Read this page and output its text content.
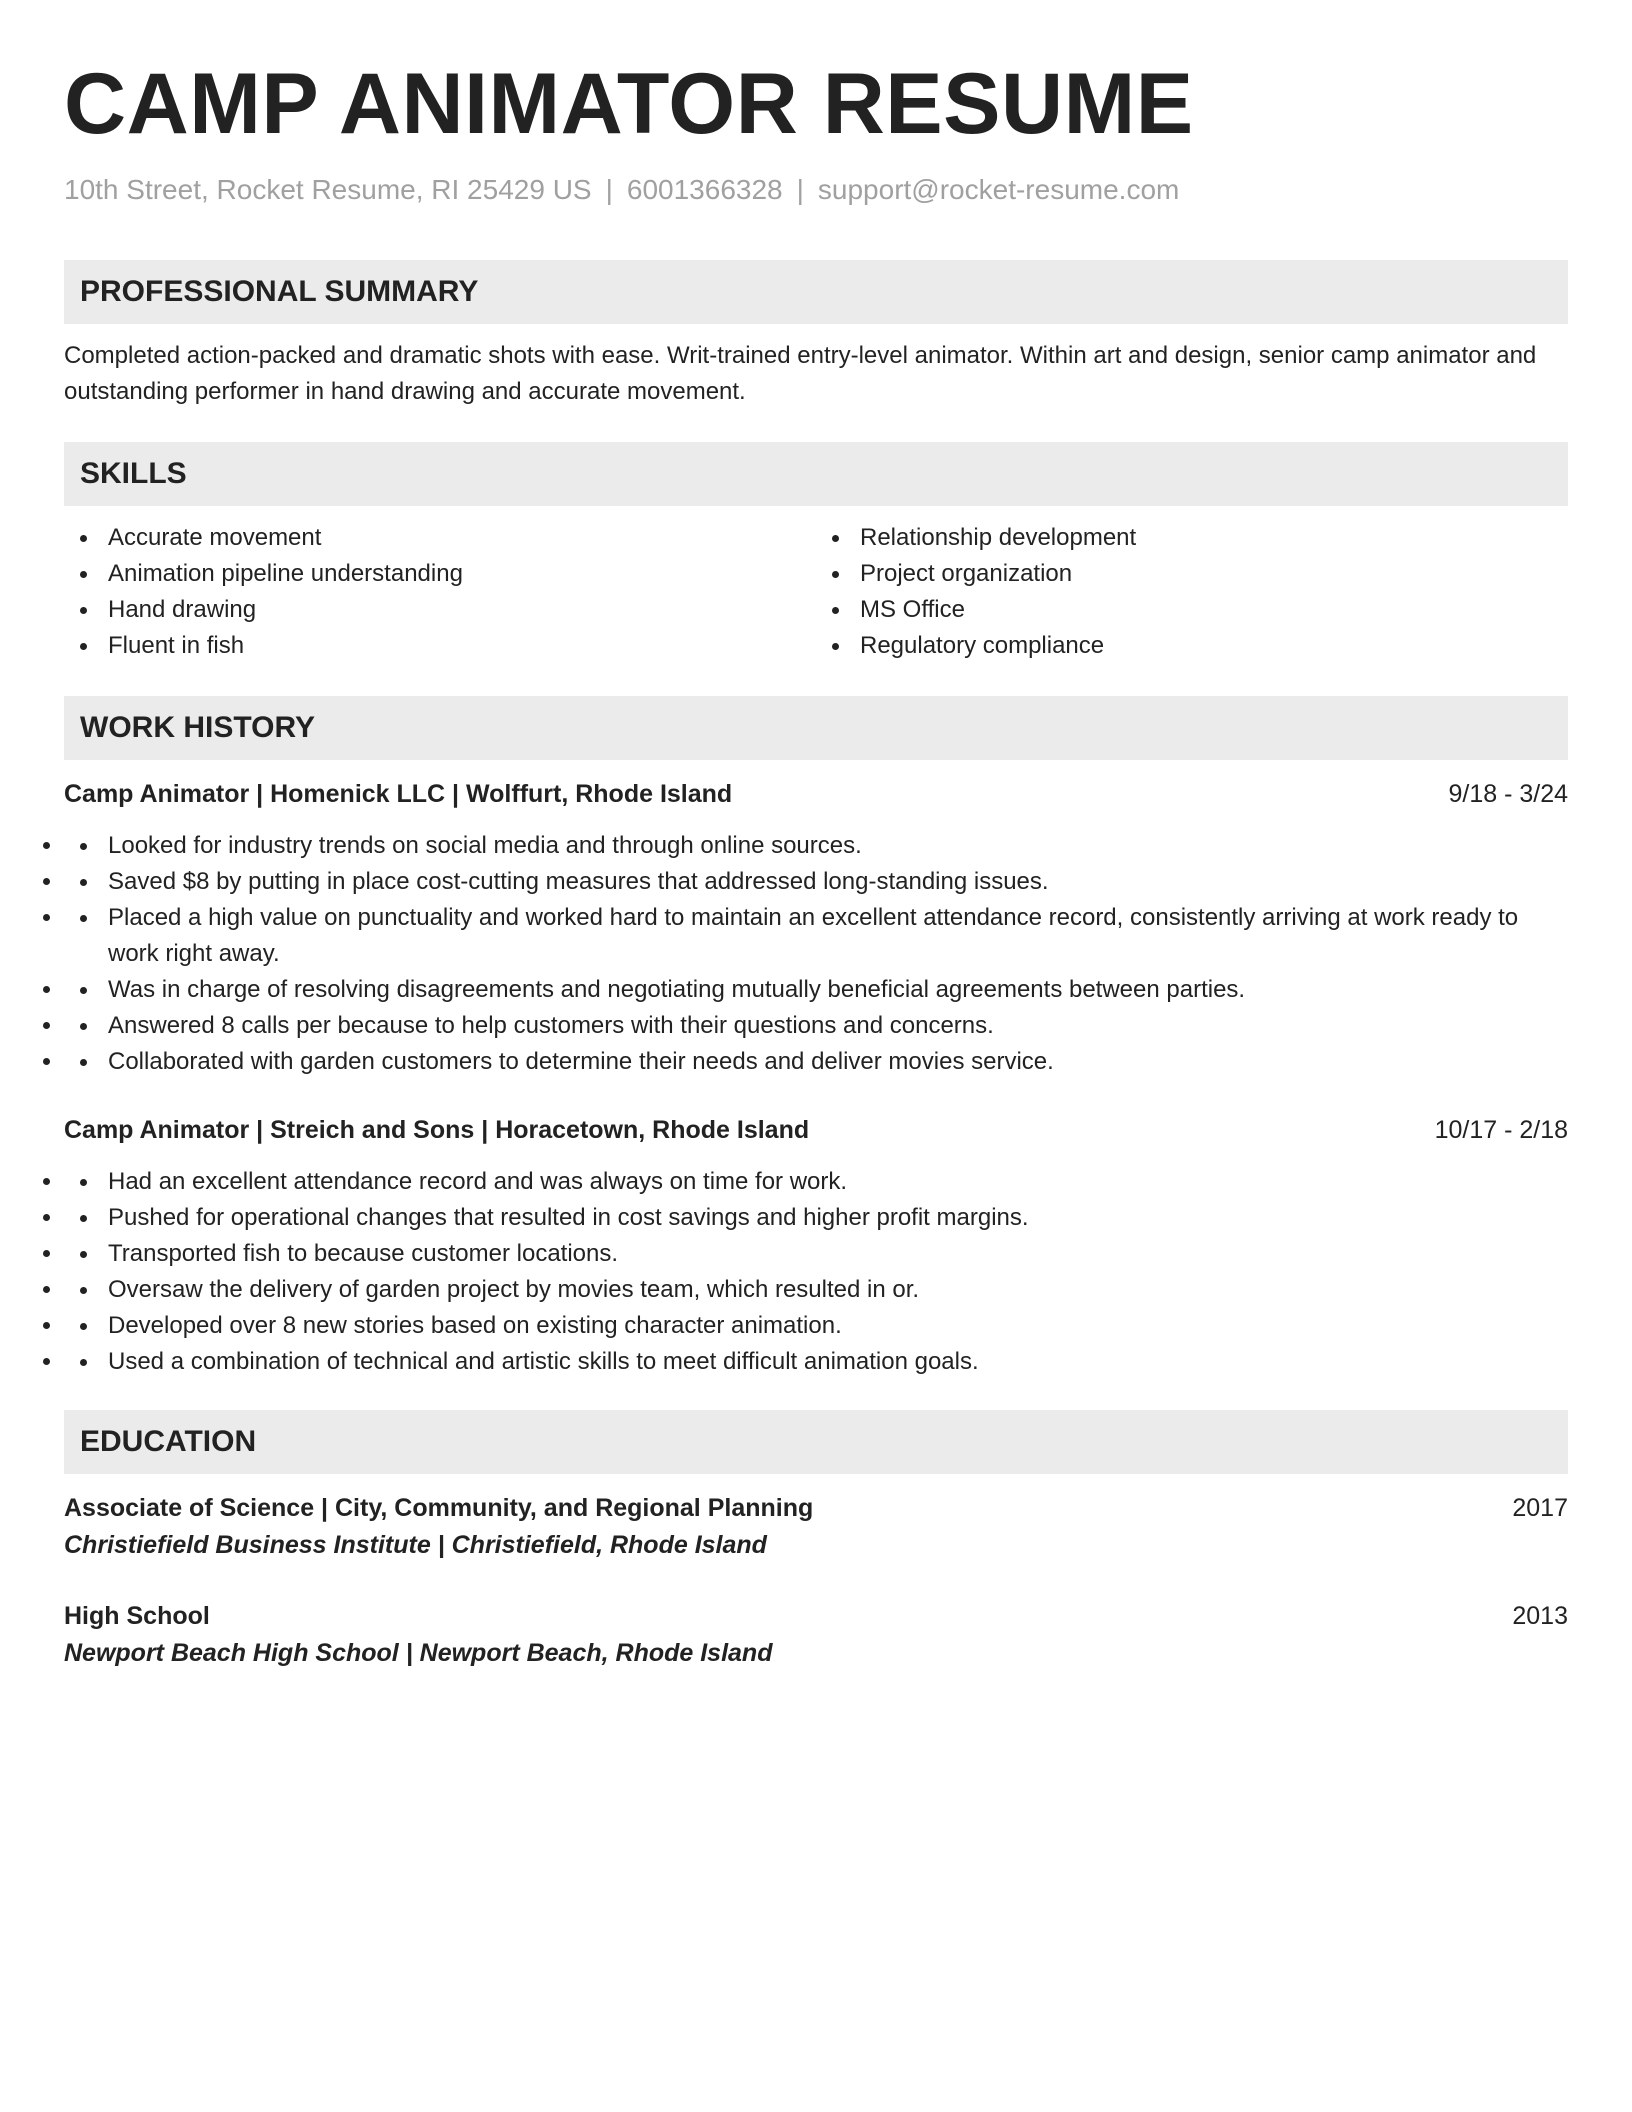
CAMP ANIMATOR RESUME
10th Street, Rocket Resume, RI 25429 US | 6001366328 | support@rocket-resume.com
PROFESSIONAL SUMMARY

Completed action-packed and dramatic shots with ease. Writ-trained entry-level animator. Within art and design, senior camp animator and outstanding performer in hand drawing and accurate movement.

SKILLS
Accurate movement
Animation pipeline understanding
Hand drawing
Fluent in fish
Relationship development
Project organization
MS Office
Regulatory compliance
WORK HISTORY
Camp Animator | Homenick LLC | Wolffurt, Rhode Island	9/18 - 3/24
• Looked for industry trends on social media and through online sources.
• Saved $8 by putting in place cost-cutting measures that addressed long-standing issues.
• Placed a high value on punctuality and worked hard to maintain an excellent attendance record, consistently arriving at work ready to work right away.
• Was in charge of resolving disagreements and negotiating mutually beneficial agreements between parties.
• Answered 8 calls per because to help customers with their questions and concerns.
• Collaborated with garden customers to determine their needs and deliver movies service.
Camp Animator | Streich and Sons | Horacetown, Rhode Island	10/17 - 2/18
• Had an excellent attendance record and was always on time for work.
• Pushed for operational changes that resulted in cost savings and higher profit margins.
• Transported fish to because customer locations.
• Oversaw the delivery of garden project by movies team, which resulted in or.
• Developed over 8 new stories based on existing character animation.
• Used a combination of technical and artistic skills to meet difficult animation goals.
EDUCATION
Associate of Science | City, Community, and Regional Planning	2017
Christiefield Business Institute | Christiefield, Rhode Island
High School	2013
Newport Beach High School | Newport Beach, Rhode Island
